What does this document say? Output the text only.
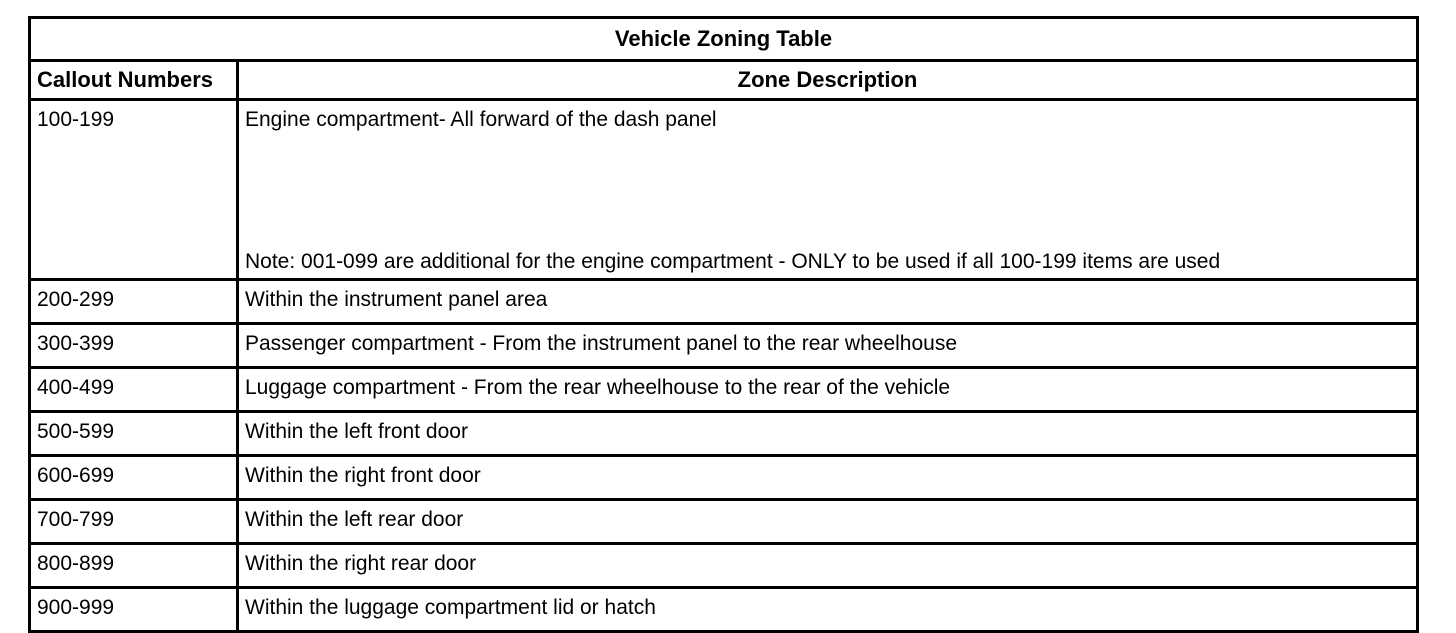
Vehicle Zoning Table	
Callout Numbers	Zone Description
100-199	Engine compartment- All forward of the dash panel
Note: 001-099 are additional for the engine compartment - ONLY to be used if all 100-199 items are used

200-299	Within the instrument panel area
300-399	Passenger compartment - From the instrument panel to the rear wheelhouse
400-499	Luggage compartment - From the rear wheelhouse to the rear of the vehicle
500-599	Within the left front door
600-699	Within the right front door
700-799	Within the left rear door
800-899	Within the right rear door
900-999	Within the luggage compartment lid or hatch
